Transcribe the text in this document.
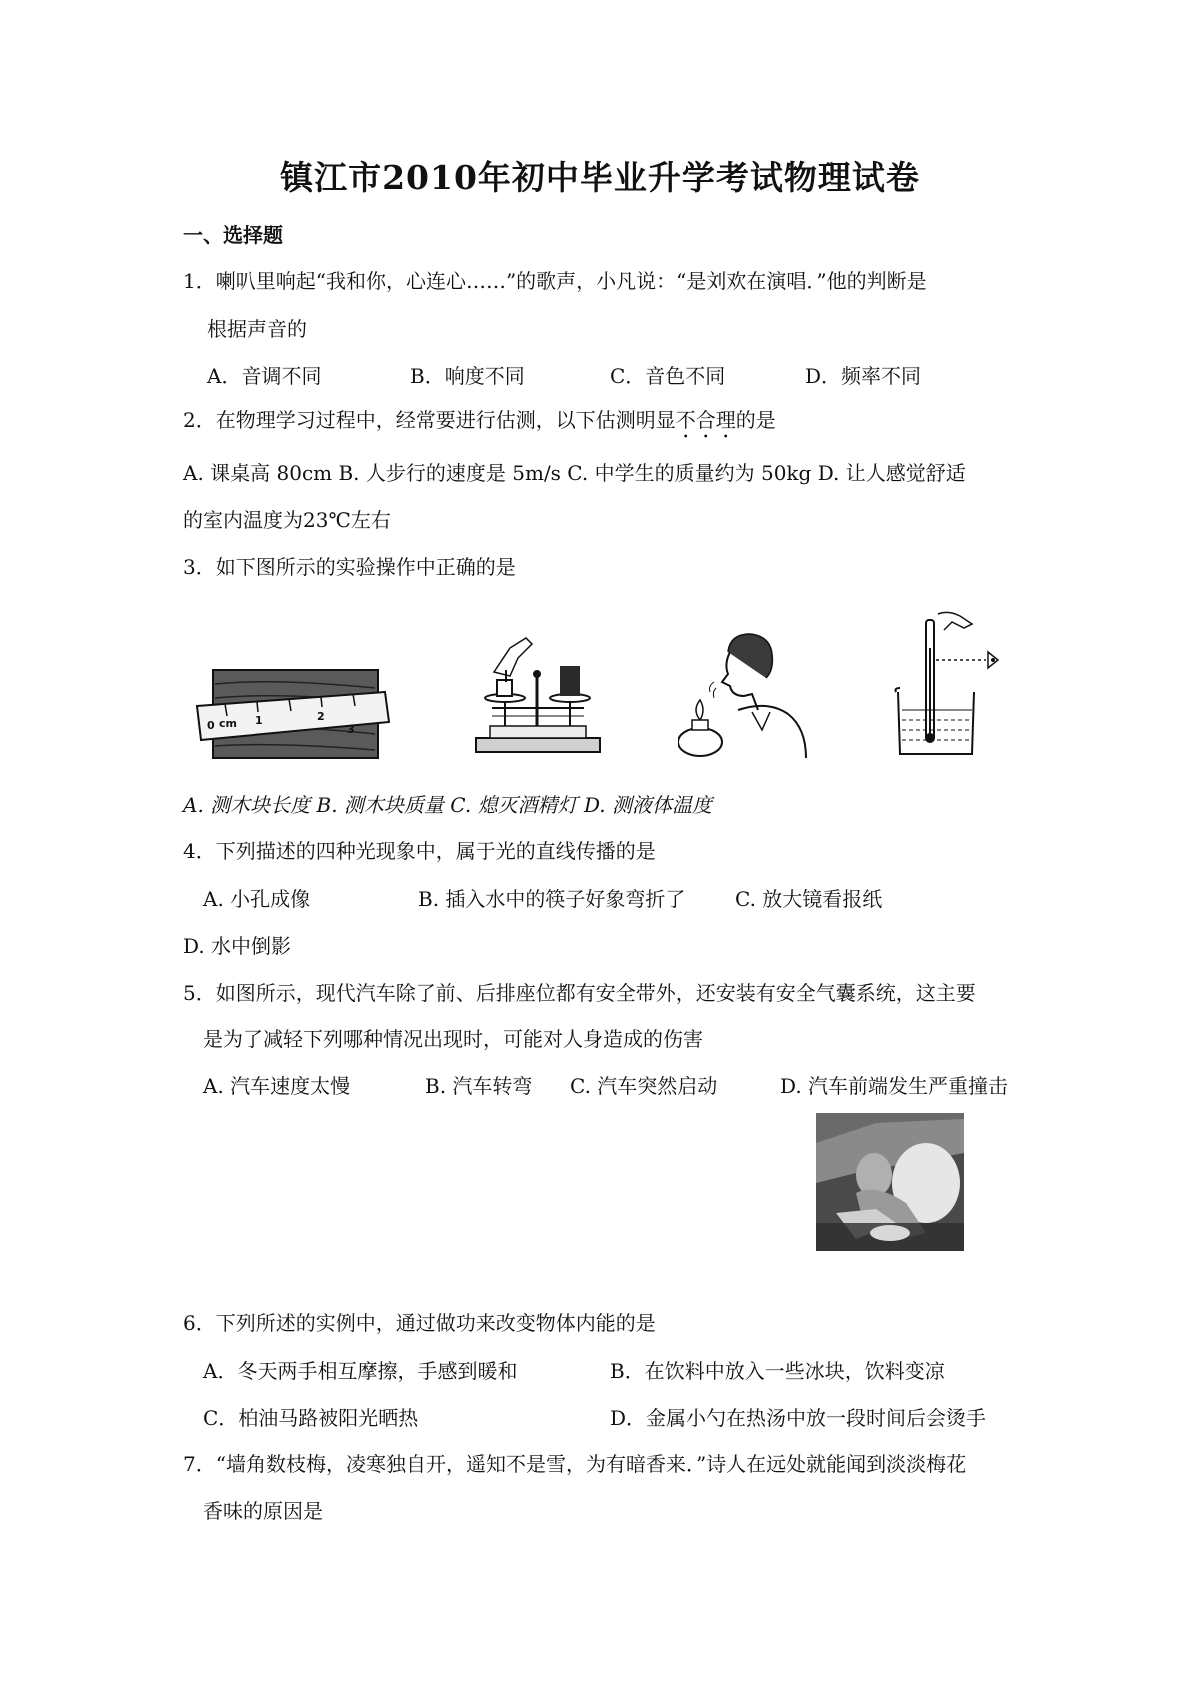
镇江市2010年初中毕业升学考试物理试卷
一、选择题
1．喇叭里响起“我和你，心连心……”的歌声，小凡说：“是刘欢在演唱．”他的判断是
根据声音的
A．音调不同	B．响度不同	C．音色不同	D．频率不同
2．在物理学习过程中，经常要进行估测，以下估测明显不合理的是
A. 课桌高 80cm B. 人步行的速度是 5m/s C. 中学生的质量约为 50kg D. 让人感觉舒适
的室内温度为23℃左右
3．如下图所示的实验操作中正确的是
0 cm 1	2
3
A. 测木块长度 B. 测木块质量 C. 熄灭酒精灯 D. 测液体温度
4．下列描述的四种光现象中，属于光的直线传播的是
A. 小孔成像	B. 插入水中的筷子好象弯折了 C. 放大镜看报纸
D. 水中倒影
5．如图所示，现代汽车除了前、后排座位都有安全带外，还安装有安全气囊系统，这主要
是为了减轻下列哪种情况出现时，可能对人身造成的伤害
A. 汽车速度太慢	B. 汽车转弯 C. 汽车突然启动	D. 汽车前端发生严重撞击
6．下列所述的实例中，通过做功来改变物体内能的是
A．冬天两手相互摩擦，手感到暖和	B．在饮料中放入一些冰块，饮料变凉
C．柏油马路被阳光晒热	D．金属小勺在热汤中放一段时间后会烫手
7．“墙角数枝梅，凌寒独自开，遥知不是雪，为有暗香来．”诗人在远处就能闻到淡淡梅花
香味的原因是
